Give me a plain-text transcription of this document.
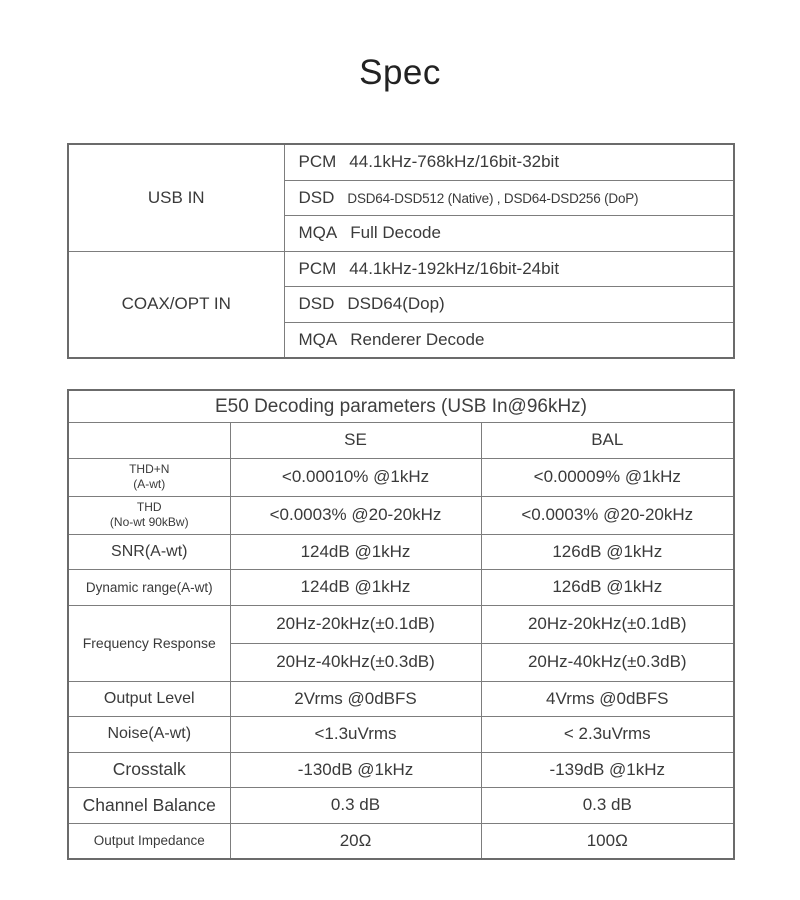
Spec
USB IN	PCM 44.1kHz-768kHz/16bit-32bit
	DSD DSD64-DSD512 (Native) , DSD64-DSD256 (DoP)
	MQA Full Decode
COAX/OPT IN	PCM 44.1kHz-192kHz/16bit-24bit
	DSD DSD64(Dop)
	MQA Renderer Decode
E50 Decoding parameters (USB In@96kHz)		
	SE	BAL

THD+N
(A-wt)	<0.00010% @1kHz	<0.00009% @1kHz

THD
(No-wt 90kBw)	<0.0003% @20-20kHz	<0.0003% @20-20kHz
SNR(A-wt)	124dB @1kHz	126dB @1kHz
Dynamic range(A-wt)	124dB @1kHz	126dB @1kHz
Frequency Response	20Hz-20kHz(±0.1dB)	20Hz-20kHz(±0.1dB)
	20Hz-40kHz(±0.3dB)	20Hz-40kHz(±0.3dB)
Output Level	2Vrms @0dBFS	4Vrms @0dBFS
Noise(A-wt)	<1.3uVrms	< 2.3uVrms
Crosstalk	-130dB @1kHz	-139dB @1kHz
Channel Balance	0.3 dB	0.3 dB
Output Impedance	20Ω	100Ω
